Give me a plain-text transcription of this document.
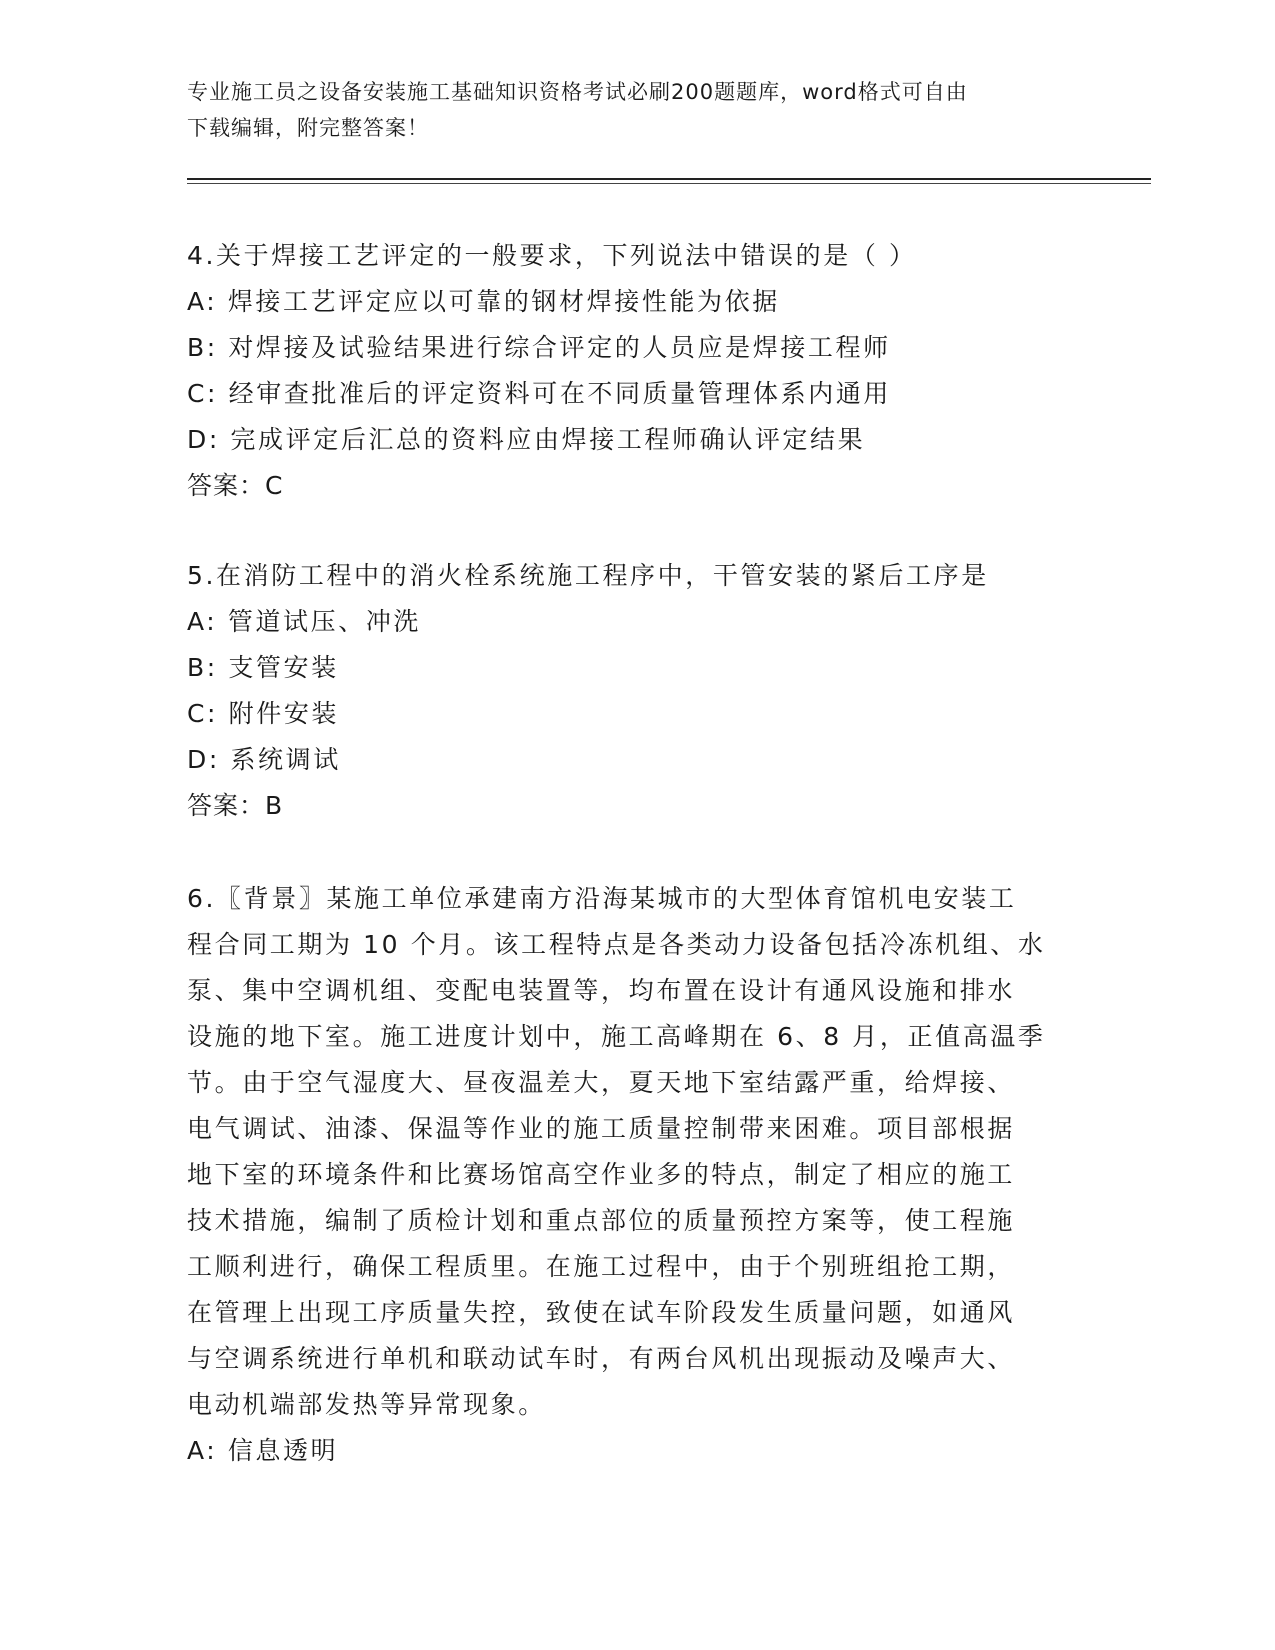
专业施工员之设备安装施工基础知识资格考试必刷200题题库，word格式可自由
下载编辑，附完整答案！
4.关于焊接工艺评定的一般要求，下列说法中错误的是（ ）
A: 焊接工艺评定应以可靠的钢材焊接性能为依据
B: 对焊接及试验结果进行综合评定的人员应是焊接工程师
C: 经审查批准后的评定资料可在不同质量管理体系内通用
D: 完成评定后汇总的资料应由焊接工程师确认评定结果
答案：C
5.在消防工程中的消火栓系统施工程序中，干管安装的紧后工序是
A: 管道试压、冲洗
B: 支管安装
C: 附件安装
D: 系统调试
答案：B
6.〖背景〗某施工单位承建南方沿海某城市的大型体育馆机电安装工
程合同工期为 10 个月。该工程特点是各类动力设备包括冷冻机组、水
泵、集中空调机组、变配电装置等，均布置在设计有通风设施和排水
设施的地下室。施工进度计划中，施工高峰期在 6、8 月，正值高温季
节。由于空气湿度大、昼夜温差大，夏天地下室结露严重，给焊接、
电气调试、油漆、保温等作业的施工质量控制带来困难。项目部根据
地下室的环境条件和比赛场馆高空作业多的特点，制定了相应的施工
技术措施，编制了质检计划和重点部位的质量预控方案等，使工程施
工顺利进行，确保工程质里。在施工过程中，由于个别班组抢工期，
在管理上出现工序质量失控，致使在试车阶段发生质量问题，如通风
与空调系统进行单机和联动试车时，有两台风机出现振动及噪声大、
电动机端部发热等异常现象。
A: 信息透明
